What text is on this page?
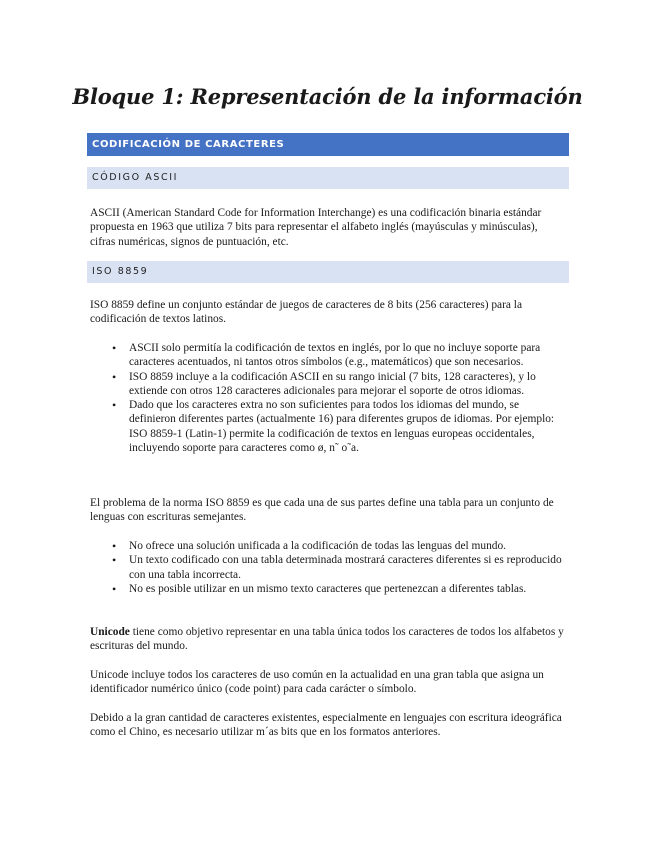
Bloque 1: Representación de la información
CODIFICACIÓN DE CARACTERES
CÓDIGO ASCII
ASCII (American Standard Code for Information Interchange) es una codificación binaria estándar propuesta en 1963 que utiliza 7 bits para representar el alfabeto inglés (mayúsculas y minúsculas), cifras numéricas, signos de puntuación, etc.
ISO 8859
ISO 8859 define un conjunto estándar de juegos de caracteres de 8 bits (256 caracteres) para la codificación de textos latinos.
• ASCII solo permitía la codificación de textos en inglés, por lo que no incluye soporte para caracteres acentuados, ni tantos otros símbolos (e.g., matemáticos) que son necesarios.
• ISO 8859 incluye a la codificación ASCII en su rango inicial (7 bits, 128 caracteres), y lo extiende con otros 128 caracteres adicionales para mejorar el soporte de otros idiomas.
• Dado que los caracteres extra no son suficientes para todos los idiomas del mundo, se definieron diferentes partes (actualmente 16) para diferentes grupos de idiomas. Por ejemplo: ISO 8859-1 (Latin-1) permite la codificación de textos en lenguas europeas occidentales, incluyendo soporte para caracteres como ø, n˜ o˜a.
El problema de la norma ISO 8859 es que cada una de sus partes define una tabla para un conjunto de lenguas con escrituras semejantes.
• No ofrece una solución unificada a la codificación de todas las lenguas del mundo.
• Un texto codificado con una tabla determinada mostrará caracteres diferentes si es reproducido con una tabla incorrecta.
• No es posible utilizar en un mismo texto caracteres que pertenezcan a diferentes tablas.
Unicode tiene como objetivo representar en una tabla única todos los caracteres de todos los alfabetos y escrituras del mundo.
Unicode incluye todos los caracteres de uso común en la actualidad en una gran tabla que asigna un identificador numérico único (code point) para cada carácter o símbolo.
Debido a la gran cantidad de caracteres existentes, especialmente en lenguajes con escritura ideográfica como el Chino, es necesario utilizar m´as bits que en los formatos anteriores.
